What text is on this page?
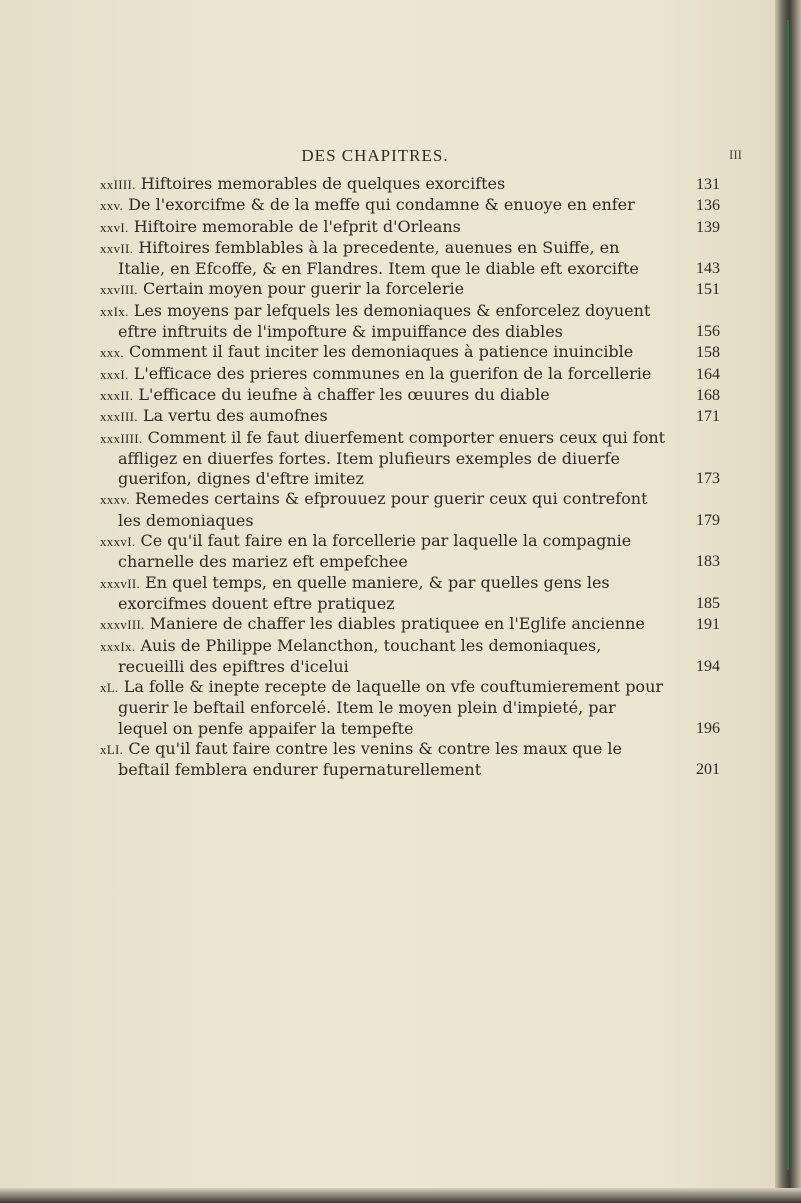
DES CHAPITRES.	III

xxIIII. Hiftoires memorables de quelques exorciftes	131

xxv. De l'exorcifme & de la meffe qui condamne & enuoye en enfer	136

xxvI. Hiftoire memorable de l'efprit d'Orleans	139

xxvII. Hiftoires femblables à la precedente, auenues en Suiffe, en Italie, en Efcoffe, & en Flandres. Item que le diable eft exorcifte	143

xxvIII. Certain moyen pour guerir la forcelerie	151

xxIx. Les moyens par lefquels les demoniaques & enforcelez doyuent eftre inftruits de l'impofture & impuiffance des diables	156

xxx. Comment il faut inciter les demoniaques à patience inuincible	158

xxxI. L'efficace des prieres communes en la guerifon de la forcellerie	164

xxxII. L'efficace du ieufne à chaffer les œuures du diable	168

xxxIII. La vertu des aumofnes	171

xxxIIII. Comment il fe faut diuerfement comporter enuers ceux qui font affligez en diuerfes fortes. Item plufieurs exemples de diuerfe guerifon, dignes d'eftre imitez	173

xxxv. Remedes certains & efprouuez pour guerir ceux qui contrefont les demoniaques	179

xxxvI. Ce qu'il faut faire en la forcellerie par laquelle la compagnie charnelle des mariez eft empefchee	183

xxxvII. En quel temps, en quelle maniere, & par quelles gens les exorcifmes douent eftre pratiquez	185

xxxvIII. Maniere de chaffer les diables pratiquee en l'Eglife ancienne	191

xxxIx. Auis de Philippe Melancthon, touchant les demoniaques, recueilli des epiftres d'icelui	194

xL. La folle & inepte recepte de laquelle on vfe couftumierement pour guerir le beftail enforcelé. Item le moyen plein d'impieté, par lequel on penfe appaifer la tempefte	196

xLI. Ce qu'il faut faire contre les venins & contre les maux que le beftail femblera endurer fupernaturellement	201
